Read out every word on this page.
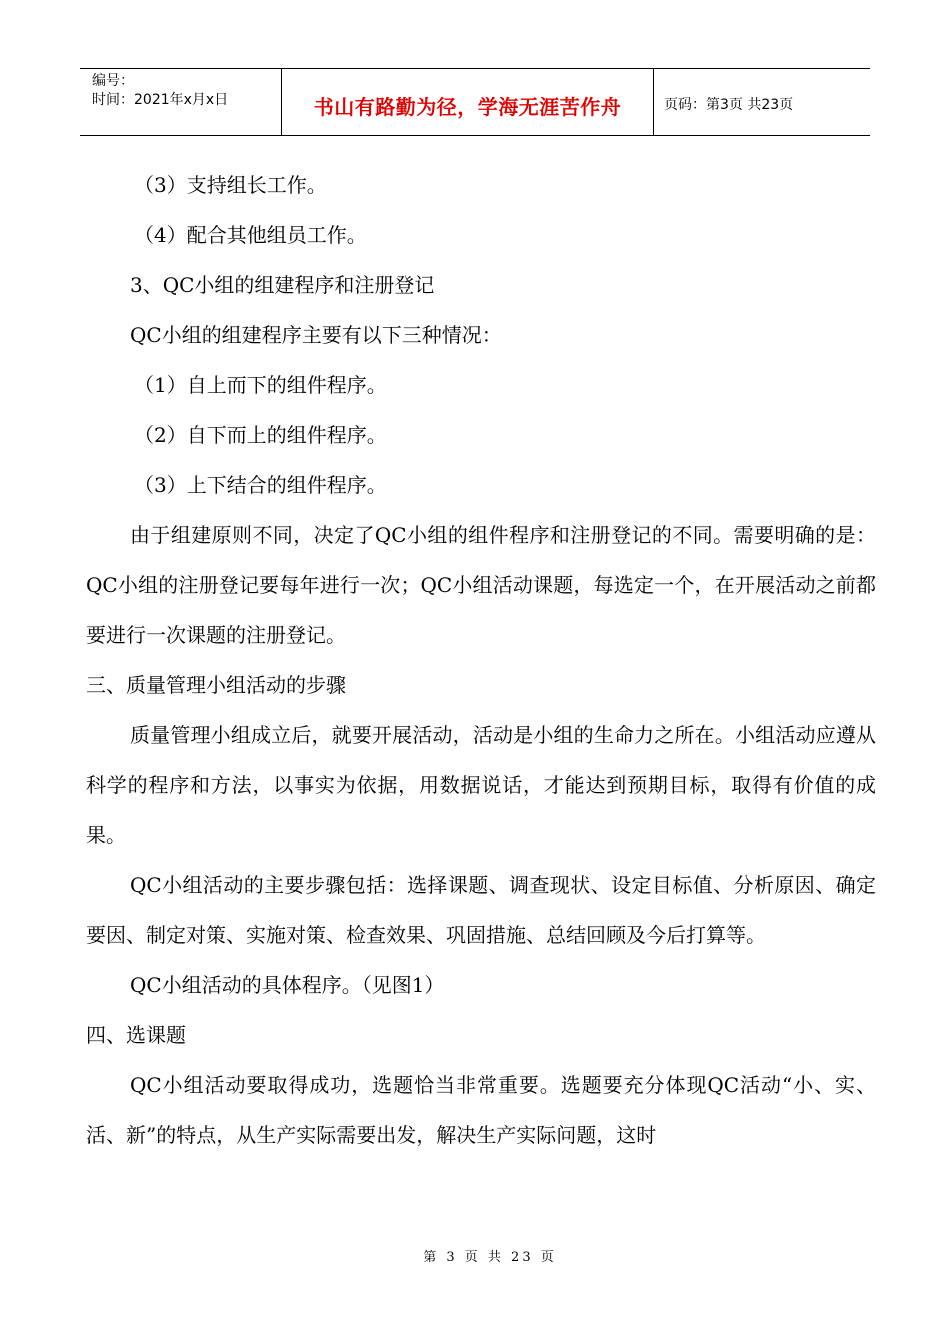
编号：
时间：2021年x月x日	书山有路勤为径，学海无涯苦作舟	页码：第3页 共23页

（3）支持组长工作。

（4）配合其他组员工作。

3、QC小组的组建程序和注册登记

QC小组的组建程序主要有以下三种情况：

（1）自上而下的组件程序。

（2）自下而上的组件程序。

（3）上下结合的组件程序。

由于组建原则不同，决定了QC小组的组件程序和注册登记的不同。需要明确的是：QC小组的注册登记要每年进行一次；QC小组活动课题，每选定一个，在开展活动之前都要进行一次课题的注册登记。

三、质量管理小组活动的步骤

质量管理小组成立后，就要开展活动，活动是小组的生命力之所在。小组活动应遵从科学的程序和方法，以事实为依据，用数据说话，才能达到预期目标，取得有价值的成果。

QC小组活动的主要步骤包括：选择课题、调查现状、设定目标值、分析原因、确定要因、制定对策、实施对策、检查效果、巩固措施、总结回顾及今后打算等。

QC小组活动的具体程序。（见图1）

四、选课题

QC小组活动要取得成功，选题恰当非常重要。选题要充分体现QC活动“小、实、活、新”的特点，从生产实际需要出发，解决生产实际问题，这时

第 3 页 共 23 页
